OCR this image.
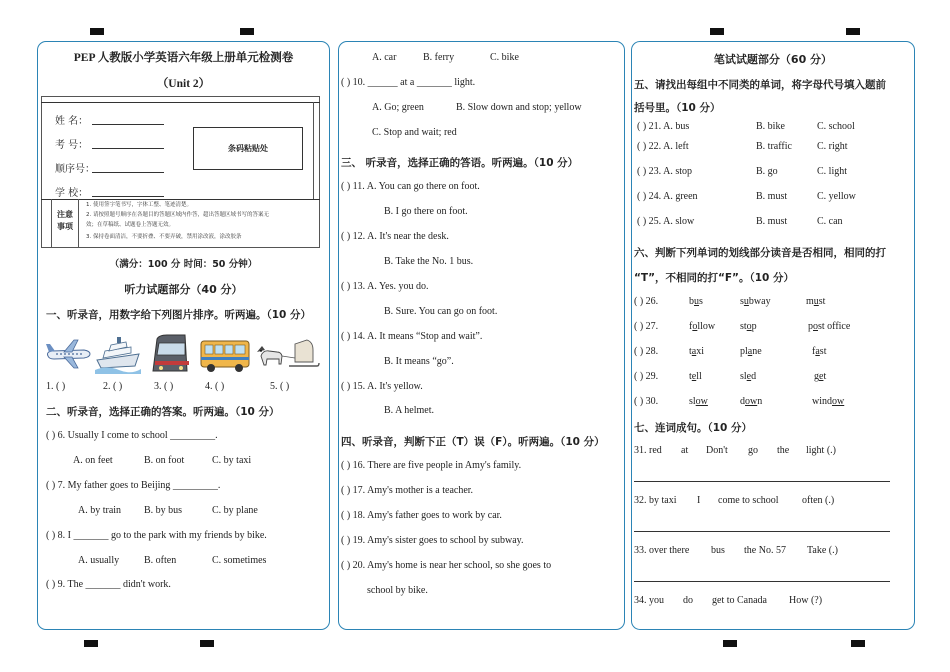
PEP 人教版小学英语六年级上册单元检测卷
（Unit 2）
姓 名：
考 号：
顺序号：
学 校：
条码粘贴处
注意
事项
1. 使用签字笔书写，字体工整、笔迹清楚。
2. 请按照题号顺序在各题目的答题区域内作答，超出答题区域书写的答案无
效；在草稿纸、试题卷上答题无效。
3. 保持卷面清洁，不要折叠、不要弄破，禁用涂改液，涂改胶条
（满分：100 分 时间：50 分钟）
听力试题部分（40 分）
一、听录音，用数字给下列图片排序。听两遍。（10 分）
1. ( )	2. ( )	3. ( )	4. ( )	5. ( )
二、听录音，选择正确的答案。听两遍。（10 分）
( ) 6. Usually I come to school _________.
A. on feet	B. on foot	C. by taxi
( ) 7. My father goes to Beijing _________.
A. by train B. by bus	C. by plane
( ) 8. I _______ go to the park with my friends by bike.
A. usually B. often	C. sometimes
( ) 9. The _______ didn't work.
A. car	B. ferry	C. bike
( ) 10. ______ at a _______ light.
A. Go; green	B. Slow down and stop; yellow
C. Stop and wait; red
三、 听录音，选择正确的答语。听两遍。（10 分）
( ) 11. A. You can go there on foot.
B. I go there on foot.
( ) 12. A. It's near the desk.
B. Take the No. 1 bus.
( ) 13. A. Yes. you do.
B. Sure. You can go on foot.
( ) 14. A. It means “Stop and wait”.
B. It means “go”.
( ) 15. A. It's yellow.
B. A helmet.
四、听录音，判断下正（T）误（F）。听两遍。（10 分）
( ) 16. There are five people in Amy's family.
( ) 17. Amy's mother is a teacher.
( ) 18. Amy's father goes to work by car.
( ) 19. Amy's sister goes to school by subway.
( ) 20. Amy's home is near her school, so she goes to
school by bike.
笔试试题部分（60 分）
五、请找出每组中不同类的单词，将字母代号填入题前
括号里。（10 分）
( ) 21. A. bus	B. bike	C. school
( ) 22. A. left	B. traffic	C. right
( ) 23. A. stop	B. go	C. light
( ) 24. A. green	B. must	C. yellow
( ) 25. A. slow	B. must	C. can
六、判断下列单词的划线部分读音是否相同，相同的打
“T”，不相同的打“F”。（10 分）
( ) 26.	bus	subway	must
( ) 27.	follow stop	post office
( ) 28.	taxi	plane	fast
( ) 29.	tell	sled	get
( ) 30.	slow	down	window
七、连词成句。（10 分）
31. red at Don't go the light (.)
32. by taxi I come to school often (.)
33. over there bus the No. 57 Take (.)
34. you do get to Canada How (?)
